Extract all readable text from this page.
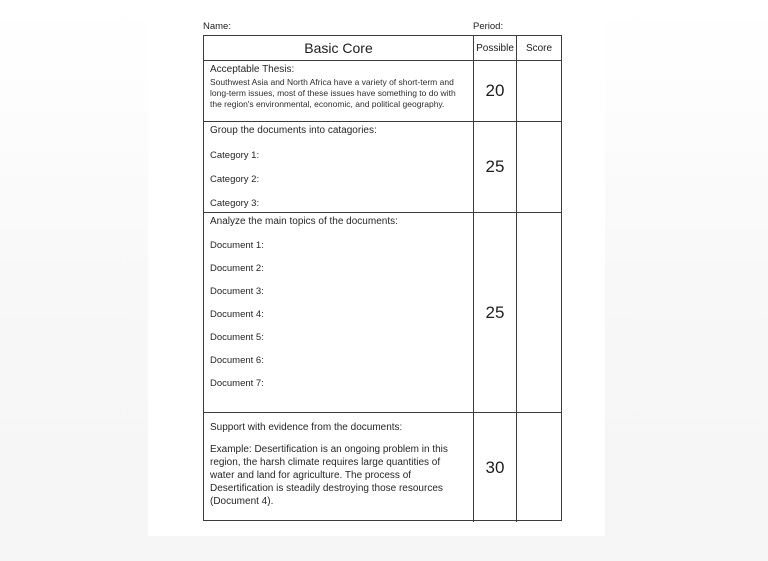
Name:	Period:
Basic Core	Possible Score
Acceptable Thesis:
Southwest Asia and North Africa have a variety of short-term and long-term issues, most of these issues have something to do with the region's environmental, economic, and political geography.
20
Group the documents into catagories:
Category 1:
Category 2:
Category 3:
25
Analyze the main topics of the documents:
Document 1:
Document 2:
Document 3:
Document 4:
Document 5:
Document 6:
Document 7:
25
Support with evidence from the documents:
Example: Desertification is an ongoing problem in this region, the harsh climate requires large quantities of water and land for agriculture. The process of Desertification is steadily destroying those resources (Document 4).
30
